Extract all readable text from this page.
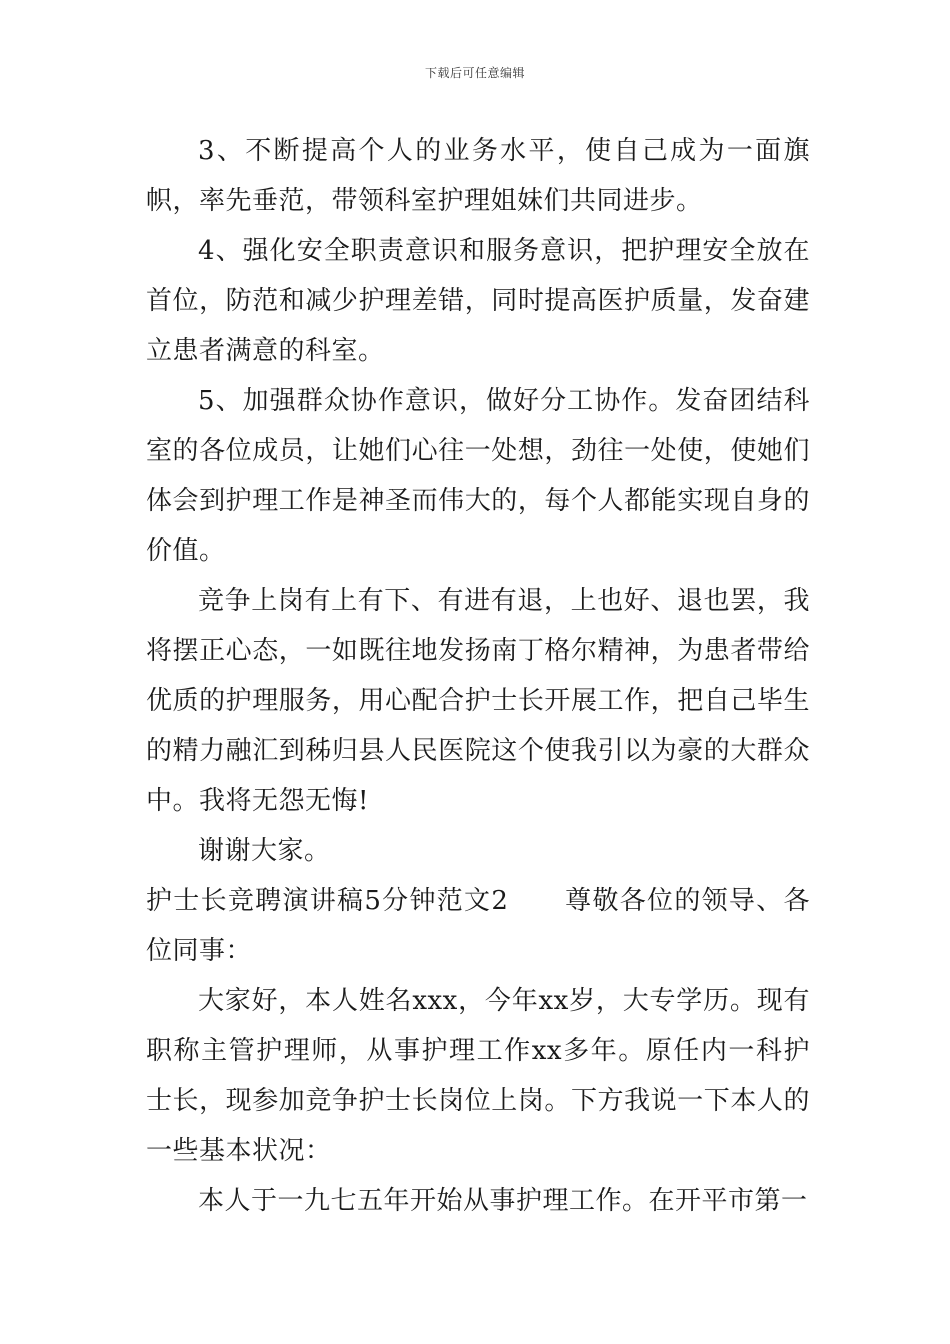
下载后可任意编辑

3、不断提高个人的业务水平，使自己成为一面旗帜，率先垂范，带领科室护理姐妹们共同进步。

4、强化安全职责意识和服务意识，把护理安全放在首位，防范和减少护理差错，同时提高医护质量，发奋建立患者满意的科室。

5、加强群众协作意识，做好分工协作。发奋团结科室的各位成员，让她们心往一处想，劲往一处使，使她们体会到护理工作是神圣而伟大的，每个人都能实现自身的价值。

竞争上岗有上有下、有进有退，上也好、退也罢，我将摆正心态，一如既往地发扬南丁格尔精神，为患者带给优质的护理服务，用心配合护士长开展工作，把自己毕生的精力融汇到秭归县人民医院这个使我引以为豪的大群众中。我将无怨无悔!

谢谢大家。

护士长竞聘演讲稿5分钟范文2 尊敬各位的领导、各位同事：

大家好，本人姓名xxx，今年xx岁，大专学历。现有职称主管护理师，从事护理工作xx多年。原任内一科护士长，现参加竞争护士长岗位上岗。下方我说一下本人的一些基本状况：

本人于一九七五年开始从事护理工作。在开平市第一
